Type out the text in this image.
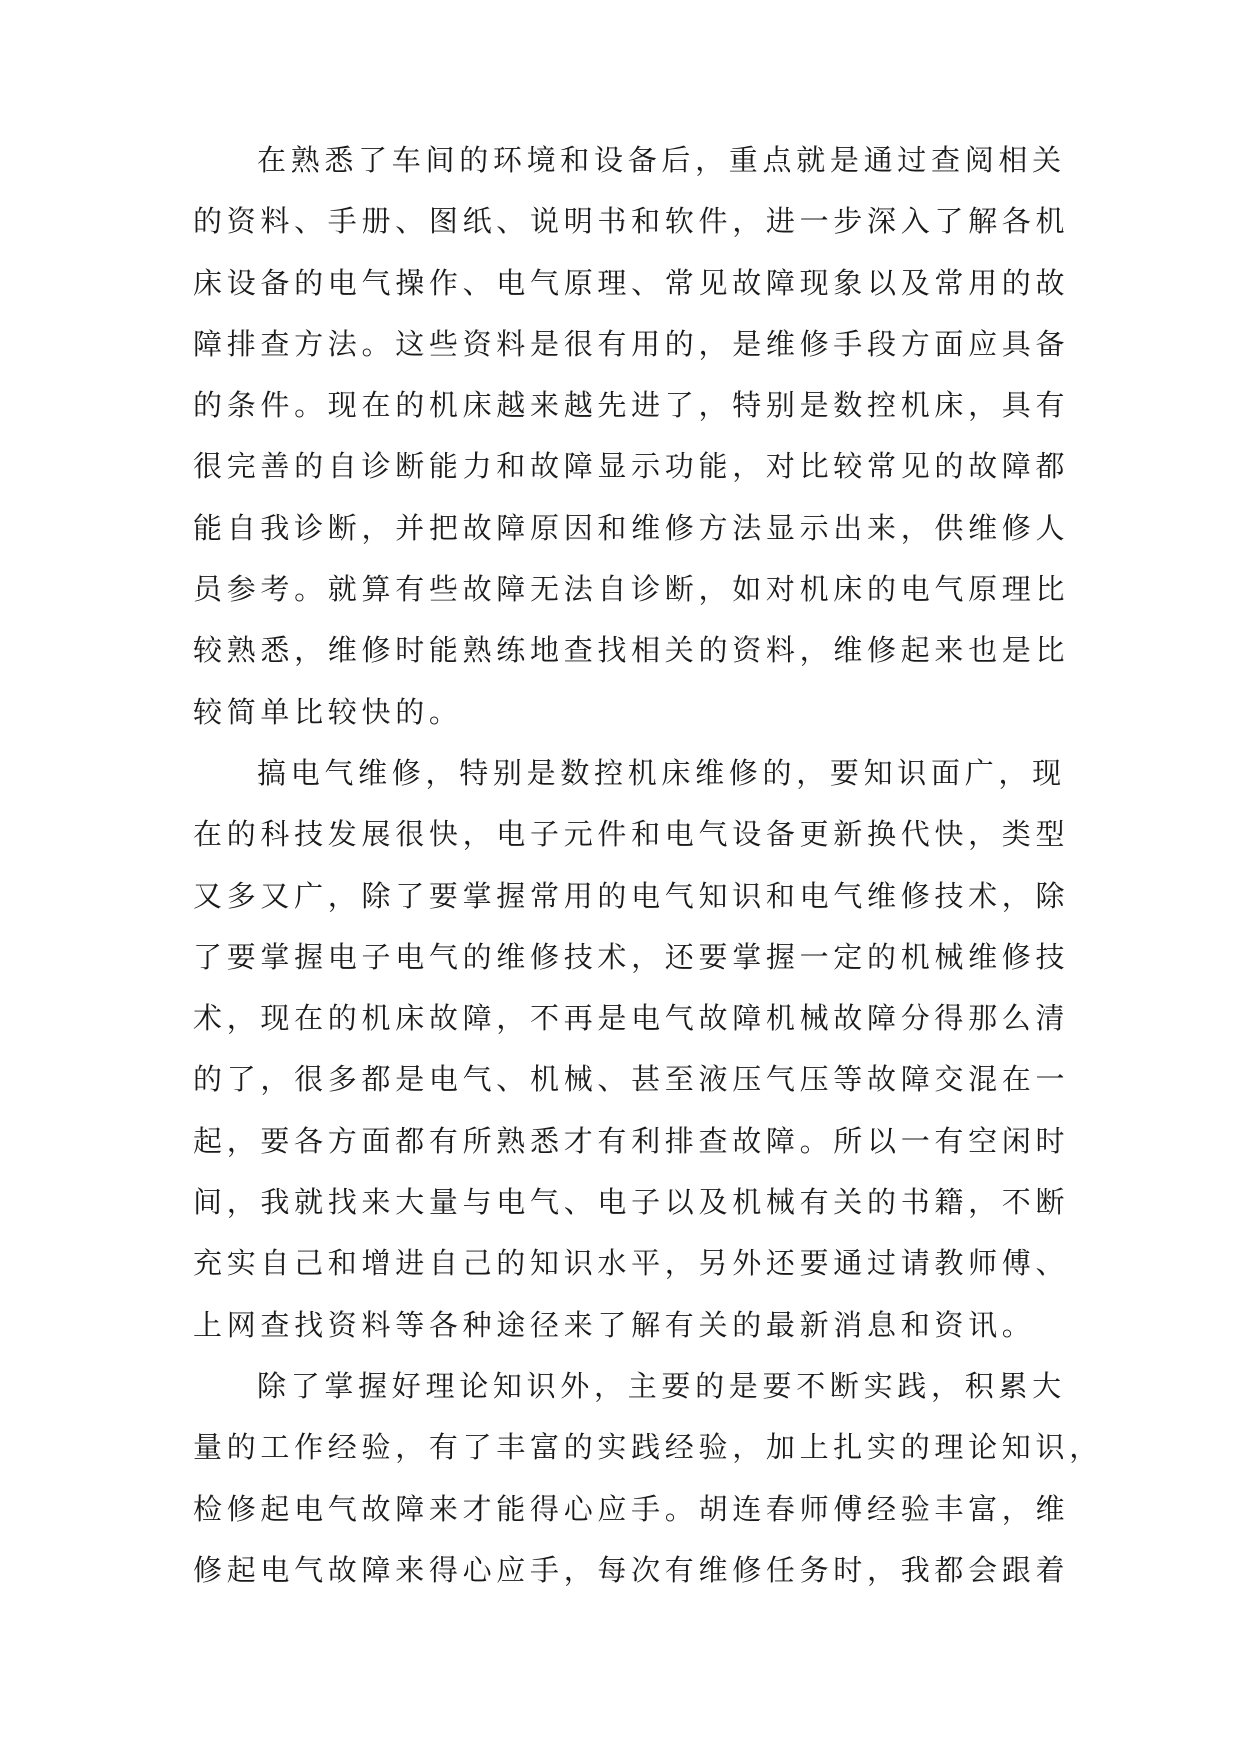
在熟悉了车间的环境和设备后，重点就是通过查阅相关
的资料、手册、图纸、说明书和软件，进一步深入了解各机
床设备的电气操作、电气原理、常见故障现象以及常用的故
障排查方法。这些资料是很有用的，是维修手段方面应具备
的条件。现在的机床越来越先进了，特别是数控机床，具有
很完善的自诊断能力和故障显示功能，对比较常见的故障都
能自我诊断，并把故障原因和维修方法显示出来，供维修人
员参考。就算有些故障无法自诊断，如对机床的电气原理比
较熟悉，维修时能熟练地查找相关的资料，维修起来也是比
较简单比较快的。
搞电气维修，特别是数控机床维修的，要知识面广，现
在的科技发展很快，电子元件和电气设备更新换代快，类型
又多又广，除了要掌握常用的电气知识和电气维修技术，除
了要掌握电子电气的维修技术，还要掌握一定的机械维修技
术，现在的机床故障，不再是电气故障机械故障分得那么清
的了，很多都是电气、机械、甚至液压气压等故障交混在一
起，要各方面都有所熟悉才有利排查故障。所以一有空闲时
间，我就找来大量与电气、电子以及机械有关的书籍，不断
充实自己和增进自己的知识水平，另外还要通过请教师傅、
上网查找资料等各种途径来了解有关的最新消息和资讯。
除了掌握好理论知识外，主要的是要不断实践，积累大
量的工作经验，有了丰富的实践经验，加上扎实的理论知识，
检修起电气故障来才能得心应手。胡连春师傅经验丰富，维
修起电气故障来得心应手，每次有维修任务时，我都会跟着
